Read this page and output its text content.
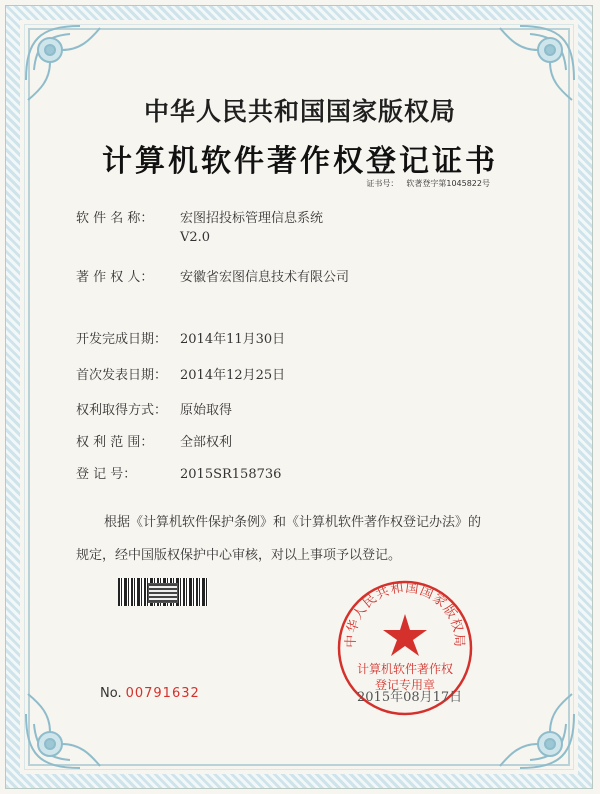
中华人民共和国国家版权局
计算机软件著作权登记证书
证书号： 软著登字第1045822号
软 件 名 称： 宏图招投标管理信息系统
V2.0
著 作 权 人： 安徽省宏图信息技术有限公司
开发完成日期： 2014年11月30日
首次发表日期： 2014年12月25日
权利取得方式： 原始取得
权 利 范 围： 全部权利
登 记 号：	2015SR158736
根据《计算机软件保护条例》和《计算机软件著作权登记办法》的
规定，经中国版权保护中心审核，对以上事项予以登记。
中华人民共和国国家版权局
计算机软件著作权
登记专用章
No. 00791632	2015年08月17日
